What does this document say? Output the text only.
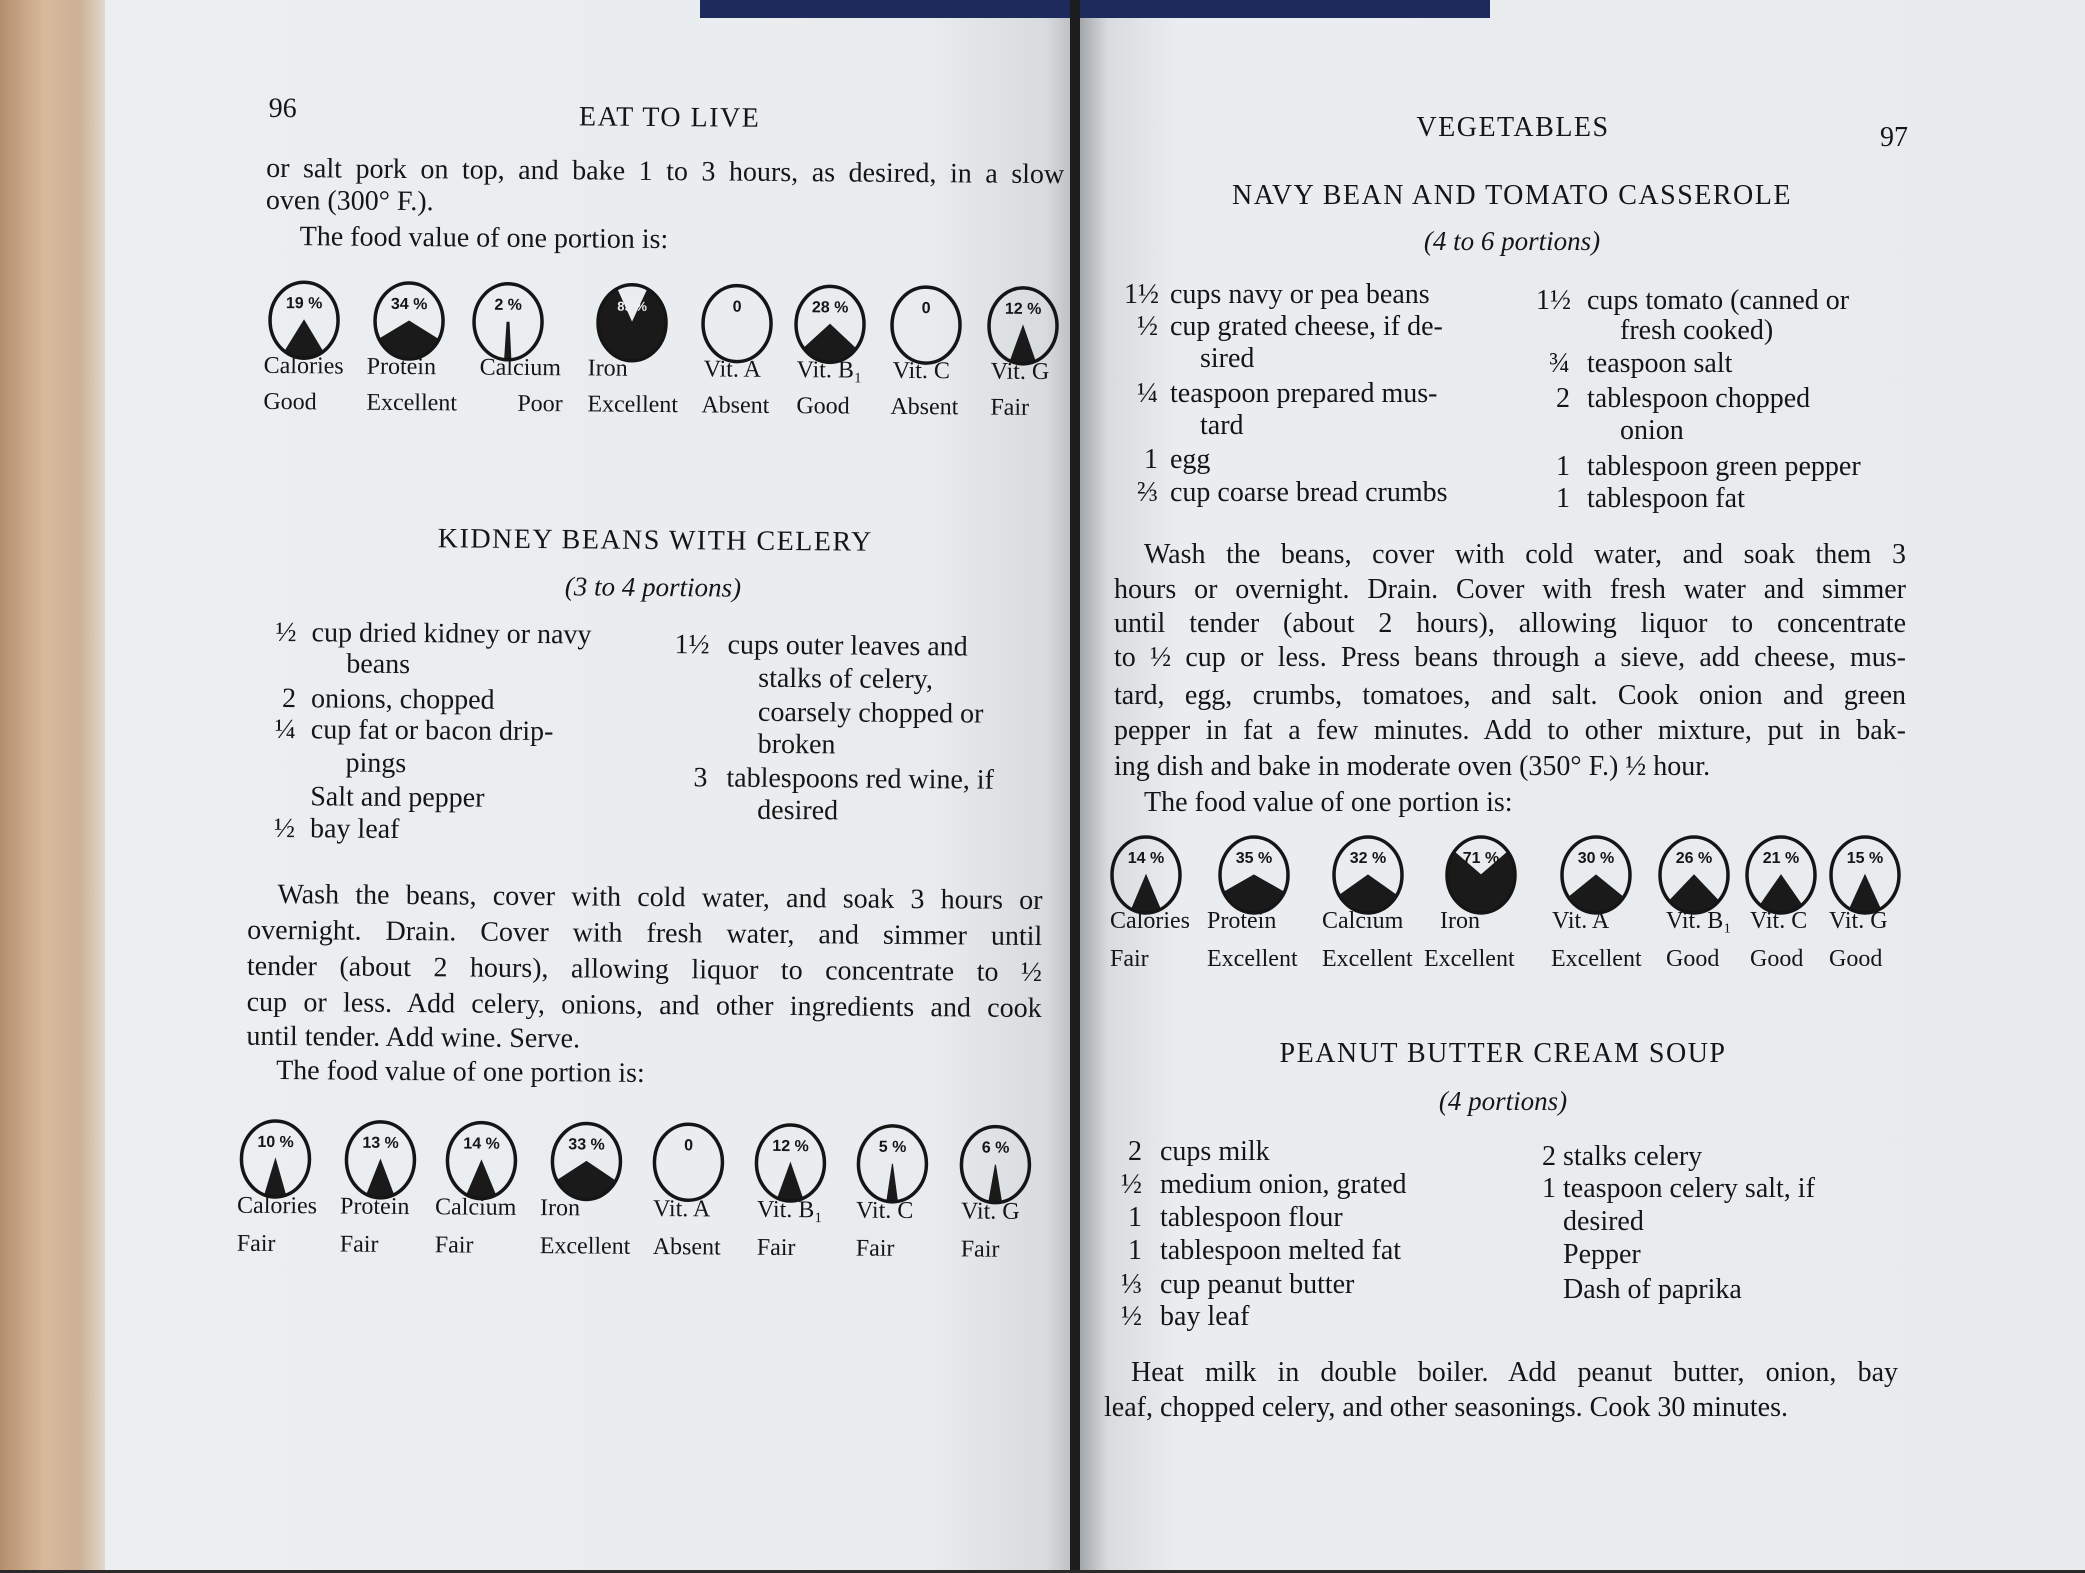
96	EAT TO LIVE
or salt pork on top, and bake 1 to 3 hours, as desired, in a slow
oven (300° F.).
The food value of one portion is:
19 %
Calories
Good
34 %
Protein
Excellent
2 %
Calcium
Poor
85 %
Iron
Excellent
0
Vit. A
Absent
28 %
Vit. B₁
Good
0
Vit. C
Absent
12 %
Vit. G
Fair
KIDNEY BEANS WITH CELERY
(3 to 4 portions)
½ cup dried kidney or navy
beans
2 onions, chopped
¼ cup fat or bacon drip-
pings
Salt and pepper
½ bay leaf
1½ cups outer leaves and
stalks of celery,
coarsely chopped or
broken
3 tablespoons red wine, if
desired
Wash the beans, cover with cold water, and soak 3 hours or
overnight. Drain. Cover with fresh water, and simmer until
tender (about 2 hours), allowing liquor to concentrate to ½
cup or less. Add celery, onions, and other ingredients and cook
until tender. Add wine. Serve.
The food value of one portion is:
10 %
Calories
Fair
13 %
Protein
Fair
14 %
Calcium
Fair
33 %
Iron
Excellent
0
Vit. A
Absent
12 %
Vit. B₁
Fair
5 %
Vit. C
Fair
6 %
Vit. G
Fair
VEGETABLES	97
NAVY BEAN AND TOMATO CASSEROLE
(4 to 6 portions)
1½ cups navy or pea beans
½ cup grated cheese, if de-
sired
¼ teaspoon prepared mus-
tard
1 egg
⅔ cup coarse bread crumbs
1½ cups tomato (canned or
fresh cooked)
¾ teaspoon salt
2 tablespoon chopped
onion
1 tablespoon green pepper
1 tablespoon fat
Wash the beans, cover with cold water, and soak them 3
hours or overnight. Drain. Cover with fresh water and simmer
until tender (about 2 hours), allowing liquor to concentrate
to ½ cup or less. Press beans through a sieve, add cheese, mus-
tard, egg, crumbs, tomatoes, and salt. Cook onion and green
pepper in fat a few minutes. Add to other mixture, put in bak-
ing dish and bake in moderate oven (350° F.) ½ hour.
The food value of one portion is:
14 %
Calories
Fair
35 %
Protein
Excellent
32 %
Calcium
Excellent
71 %
Iron
Excellent
30 %
Vit. A
Excellent
26 %
Vit. B₁
Good
21 %
Vit. C
Good
15 %
Vit. G
Good
PEANUT BUTTER CREAM SOUP
(4 portions)
2 cups milk
½ medium onion, grated
1 tablespoon flour
1 tablespoon melted fat
⅓ cup peanut butter
½ bay leaf
2 stalks celery
1 teaspoon celery salt, if
desired
Pepper
Dash of paprika
Heat milk in double boiler. Add peanut butter, onion, bay
leaf, chopped celery, and other seasonings. Cook 30 minutes.
